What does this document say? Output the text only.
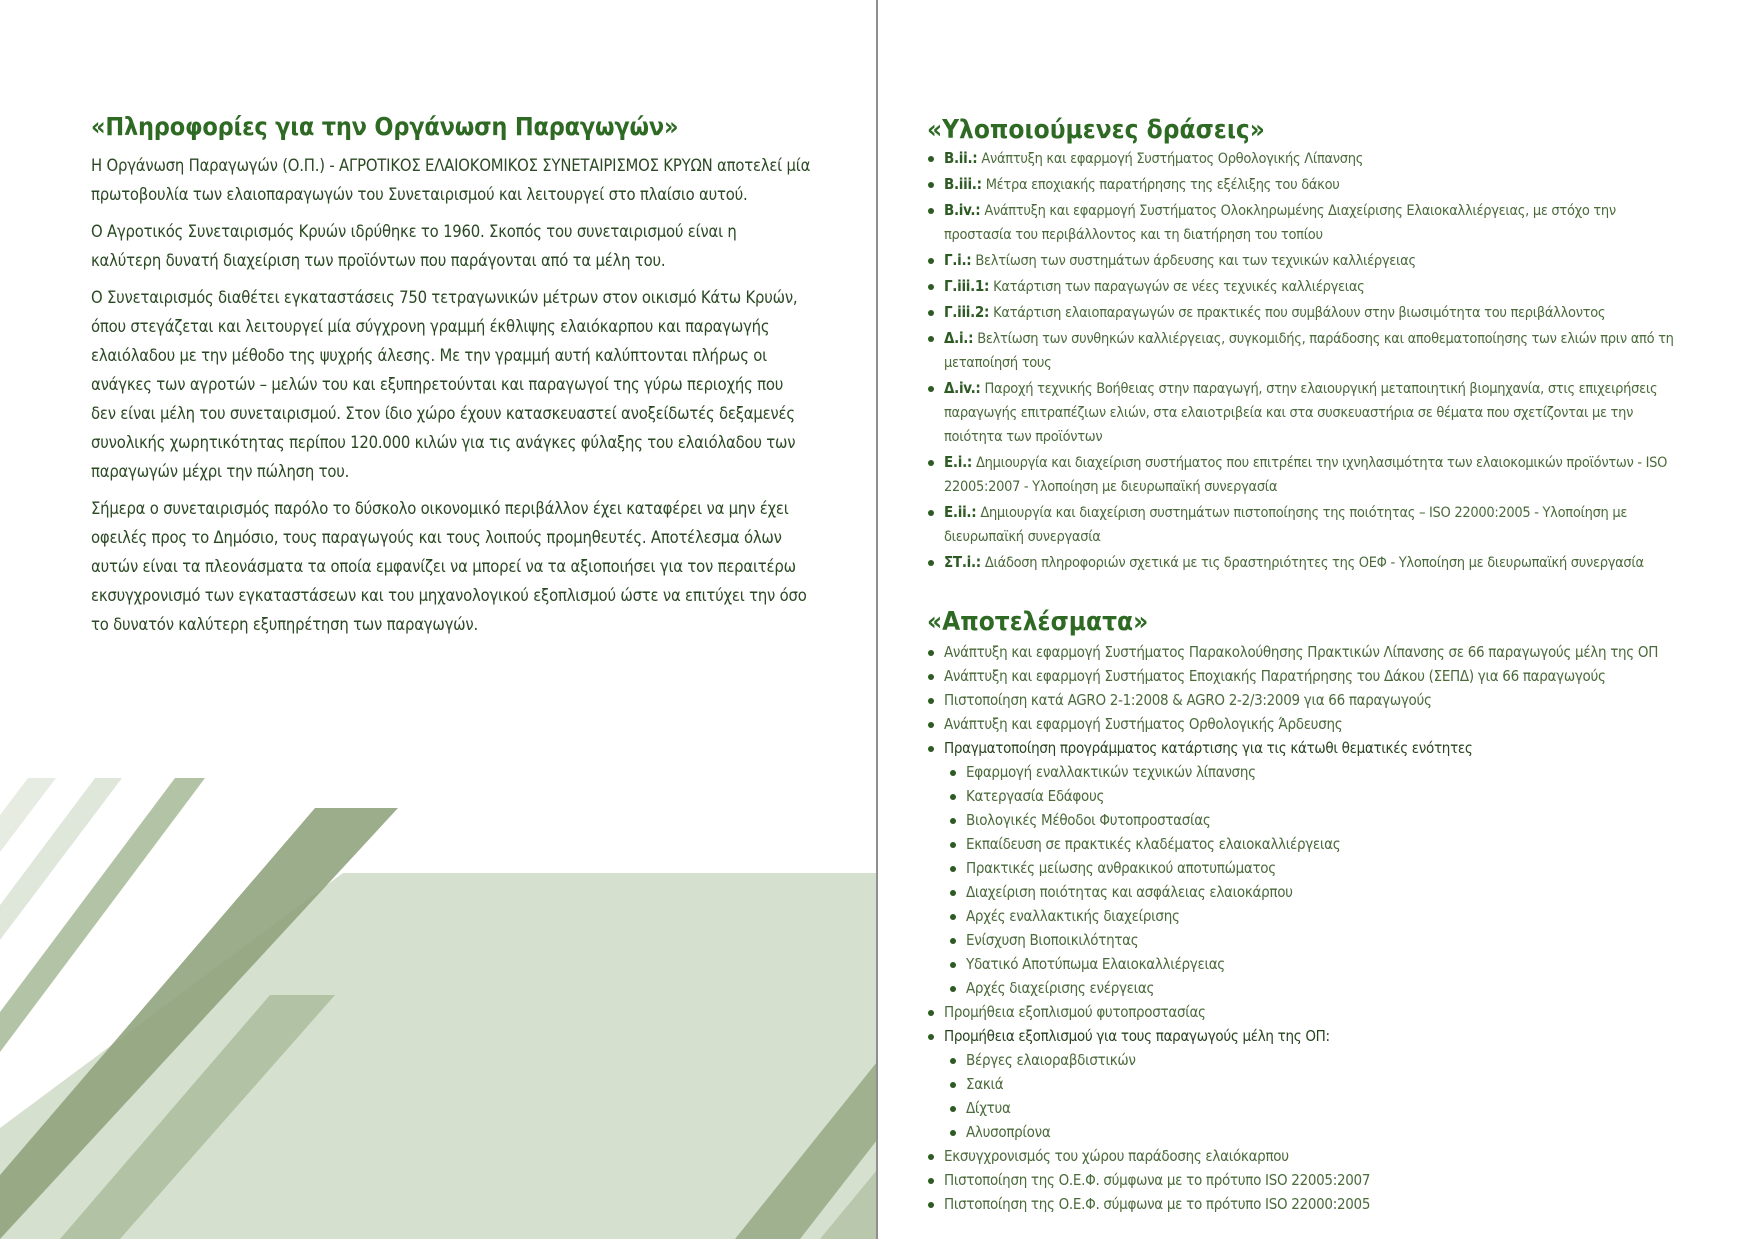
«Πληροφορίες για την Οργάνωση Παραγωγών»

Η Οργάνωση Παραγωγών (Ο.Π.) - ΑΓΡΟΤΙΚΟΣ ΕΛΑΙΟΚΟΜΙΚΟΣ ΣΥΝΕΤΑΙΡΙΣΜΟΣ ΚΡΥΩΝ αποτελεί μία πρωτοβουλία των ελαιοπαραγωγών του Συνεταιρισμού και λειτουργεί στο πλαίσιο αυτού.

Ο Αγροτικός Συνεταιρισμός Κρυών ιδρύθηκε το 1960. Σκοπός του συνεταιρισμού είναι η καλύτερη δυνατή διαχείριση των προϊόντων που παράγονται από τα μέλη του.

Ο Συνεταιρισμός διαθέτει εγκαταστάσεις 750 τετραγωνικών μέτρων στον οικισμό Κάτω Κρυών, όπου στεγάζεται και λειτουργεί μία σύγχρονη γραμμή έκθλιψης ελαιόκαρπου και παραγωγής ελαιόλαδου με την μέθοδο της ψυχρής άλεσης. Με την γραμμή αυτή καλύπτονται πλήρως οι ανάγκες των αγροτών – μελών του και εξυπηρετούνται και παραγωγοί της γύρω περιοχής που δεν είναι μέλη του συνεταιρισμού. Στον ίδιο χώρο έχουν κατασκευαστεί ανοξείδωτές δεξαμενές συνολικής χωρητικότητας περίπου 120.000 κιλών για τις ανάγκες φύλαξης του ελαιόλαδου των παραγωγών μέχρι την πώληση του.

Σήμερα ο συνεταιρισμός παρόλο το δύσκολο οικονομικό περιβάλλον έχει καταφέρει να μην έχει οφειλές προς το Δημόσιο, τους παραγωγούς και τους λοιπούς προμηθευτές. Αποτέλεσμα όλων αυτών είναι τα πλεονάσματα τα οποία εμφανίζει να μπορεί να τα αξιοποιήσει για τον περαιτέρω εκσυγχρονισμό των εγκαταστάσεων και του μηχανολογικού εξοπλισμού ώστε να επιτύχει την όσο το δυνατόν καλύτερη εξυπηρέτηση των παραγωγών.

«Υλοποιούμενες δράσεις»
Β.ii.: Ανάπτυξη και εφαρμογή Συστήματος Ορθολογικής Λίπανσης
Β.iii.: Μέτρα εποχιακής παρατήρησης της εξέλιξης του δάκου
Β.iv.: Ανάπτυξη και εφαρμογή Συστήματος Ολοκληρωμένης Διαχείρισης Ελαιοκαλλιέργειας, με στόχο την προστασία του περιβάλλοντος και τη διατήρηση του τοπίου
Γ.i.: Βελτίωση των συστημάτων άρδευσης και των τεχνικών καλλιέργειας
Γ.iii.1: Κατάρτιση των παραγωγών σε νέες τεχνικές καλλιέργειας
Γ.iii.2: Κατάρτιση ελαιοπαραγωγών σε πρακτικές που συμβάλουν στην βιωσιμότητα του περιβάλλοντος
Δ.i.: Βελτίωση των συνθηκών καλλιέργειας, συγκομιδής, παράδοσης και αποθεματοποίησης των ελιών πριν από τη μεταποίησή τους
Δ.iv.: Παροχή τεχνικής Βοήθειας στην παραγωγή, στην ελαιουργική μεταποιητική βιομηχανία, στις επιχειρήσεις παραγωγής επιτραπέζιων ελιών, στα ελαιοτριβεία και στα συσκευαστήρια σε θέματα που σχετίζονται με την ποιότητα των προϊόντων
Ε.i.: Δημιουργία και διαχείριση συστήματος που επιτρέπει την ιχνηλασιμότητα των ελαιοκομικών προϊόντων - ISO 22005:2007 - Υλοποίηση με διευρωπαϊκή συνεργασία
Ε.ii.: Δημιουργία και διαχείριση συστημάτων πιστοποίησης της ποιότητας – ISO 22000:2005 - Υλοποίηση με διευρωπαϊκή συνεργασία
ΣΤ.i.: Διάδοση πληροφοριών σχετικά με τις δραστηριότητες της ΟΕΦ - Υλοποίηση με διευρωπαϊκή συνεργασία
«Αποτελέσματα»
Ανάπτυξη και εφαρμογή Συστήματος Παρακολούθησης Πρακτικών Λίπανσης σε 66 παραγωγούς μέλη της ΟΠ
Ανάπτυξη και εφαρμογή Συστήματος Εποχιακής Παρατήρησης του Δάκου (ΣΕΠΔ) για 66 παραγωγούς
Πιστοποίηση κατά AGRO 2-1:2008 & AGRO 2-2/3:2009 για 66 παραγωγούς
Ανάπτυξη και εφαρμογή Συστήματος Ορθολογικής Άρδευσης
Πραγματοποίηση προγράμματος κατάρτισης για τις κάτωθι θεματικές ενότητες
Εφαρμογή εναλλακτικών τεχνικών λίπανσης
Κατεργασία Εδάφους
Βιολογικές Μέθοδοι Φυτοπροστασίας
Εκπαίδευση σε πρακτικές κλαδέματος ελαιοκαλλιέργειας
Πρακτικές μείωσης ανθρακικού αποτυπώματος
Διαχείριση ποιότητας και ασφάλειας ελαιοκάρπου
Αρχές εναλλακτικής διαχείρισης
Ενίσχυση Βιοποικιλότητας
Υδατικό Αποτύπωμα Ελαιοκαλλιέργειας
Αρχές διαχείρισης ενέργειας
Προμήθεια εξοπλισμού φυτοπροστασίας
Προμήθεια εξοπλισμού για τους παραγωγούς μέλη της ΟΠ:
Βέργες ελαιοραβδιστικών
Σακιά
Δίχτυα
Αλυσοπρίονα
Εκσυγχρονισμός του χώρου παράδοσης ελαιόκαρπου
Πιστοποίηση της Ο.Ε.Φ. σύμφωνα με το πρότυπο ISO 22005:2007
Πιστοποίηση της Ο.Ε.Φ. σύμφωνα με το πρότυπο ISO 22000:2005
